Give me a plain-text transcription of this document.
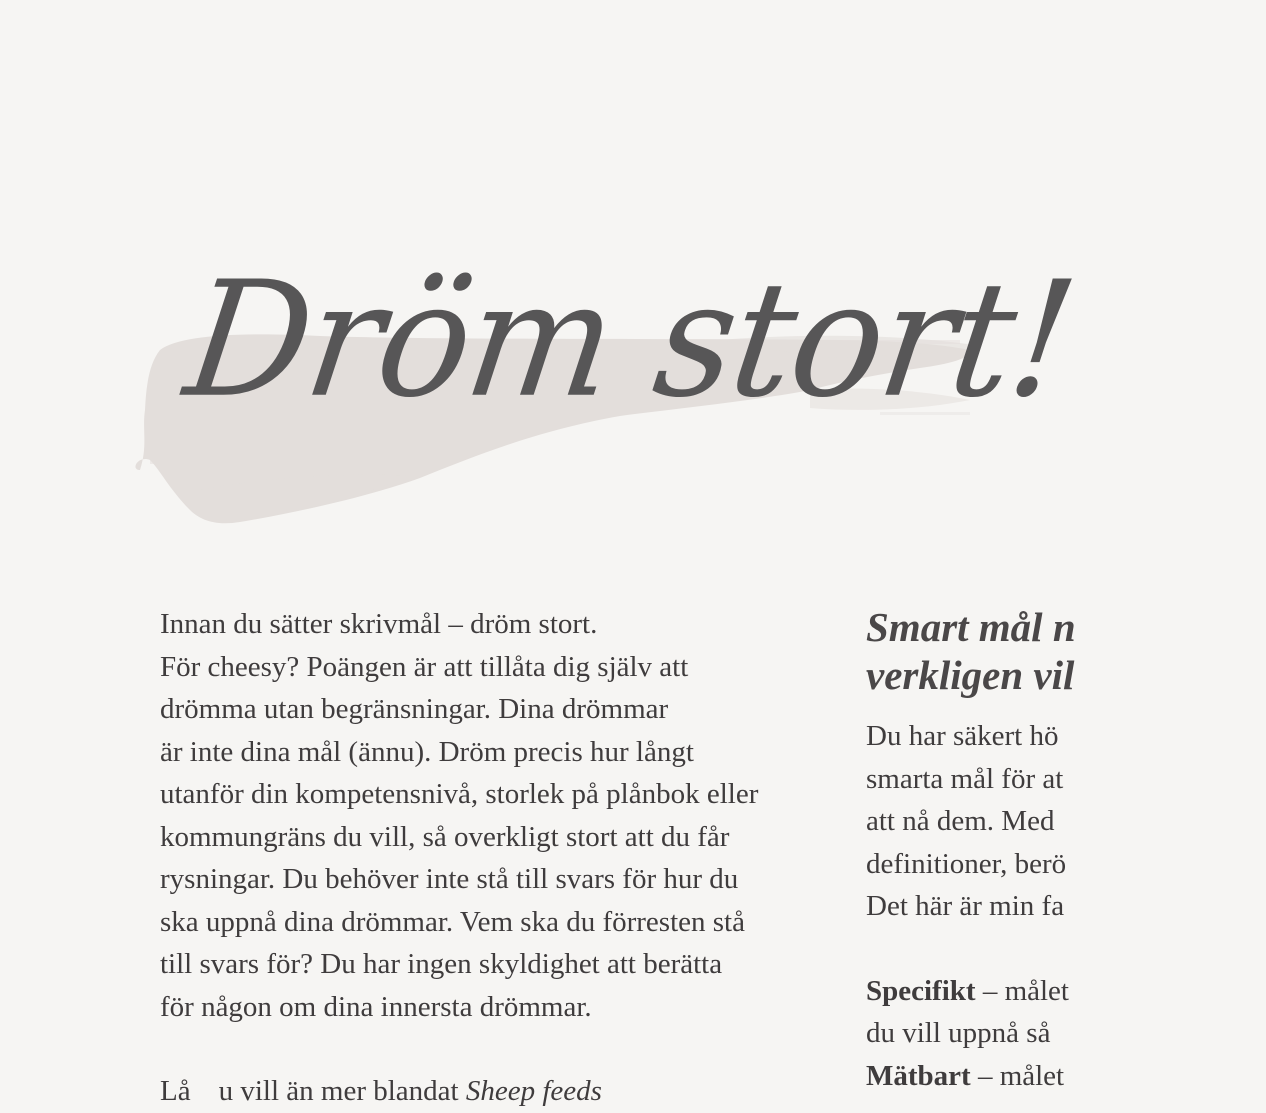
Dröm stort!
Innan du sätter skrivmål – dröm stort.
För cheesy? Poängen är att tillåta dig själv att
drömma utan begränsningar. Dina drömmar
är inte dina mål (ännu). Dröm precis hur långt
utanför din kompetensnivå, storlek på plånbok eller
kommungräns du vill, så overkligt stort att du får
rysningar. Du behöver inte stå till svars för hur du
ska uppnå dina drömmar. Vem ska du förresten stå
till svars för? Du har ingen skyldighet att berätta
för någon om dina innersta drömmar.
Lå u vill än mer blandat Sheep feeds
Smart mål n
verkligen vil
Du har säkert hö
smarta mål för at
att nå dem. Med
definitioner, berö
Det här är min fa
Specifikt – målet
du vill uppnå så
Mätbart – målet
